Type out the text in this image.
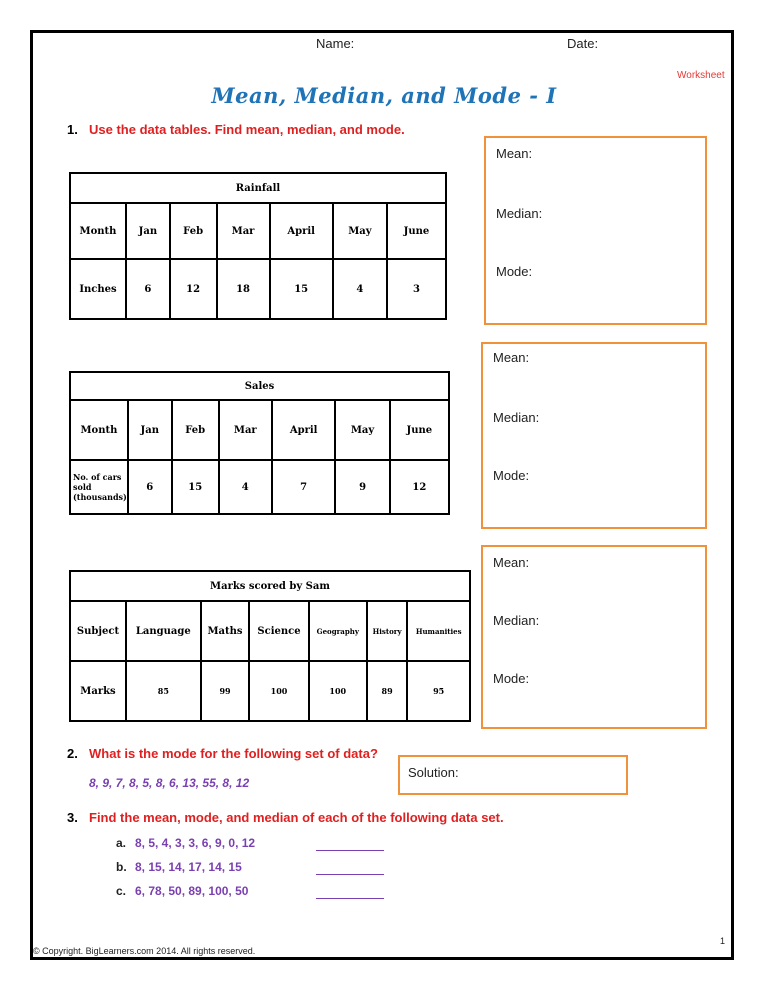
Name:	Date:
Worksheet
Mean, Median, and Mode - I
1. Use the data tables. Find mean, median, and mode.
Rainfall						
Month	Jan	Feb	Mar	April	May	June
Inches	6	12	18	15	4	3
Mean:
Median:
Mode:
Sales						
Month	Jan	Feb	Mar	April	May	June
No. of cars sold (thousands)	6	15	4	7	9	12
Mean:
Median:
Mode:
Marks scored by Sam						
Subject	Language	Maths	Science	Geography	History	Humanities
Marks	85	99	100	100	89	95
Mean:
Median:
Mode:
2. What is the mode for the following set of data?
8, 9, 7, 8, 5, 8, 6, 13, 55, 8, 12
Solution:
3. Find the mean, mode, and median of each of the following data set.
a. 8, 5, 4, 3, 3, 6, 9, 0, 12
b. 8, 15, 14, 17, 14, 15
c. 6, 78, 50, 89, 100, 50
© Copyright. BigLearners.com 2014. All rights reserved.
1
